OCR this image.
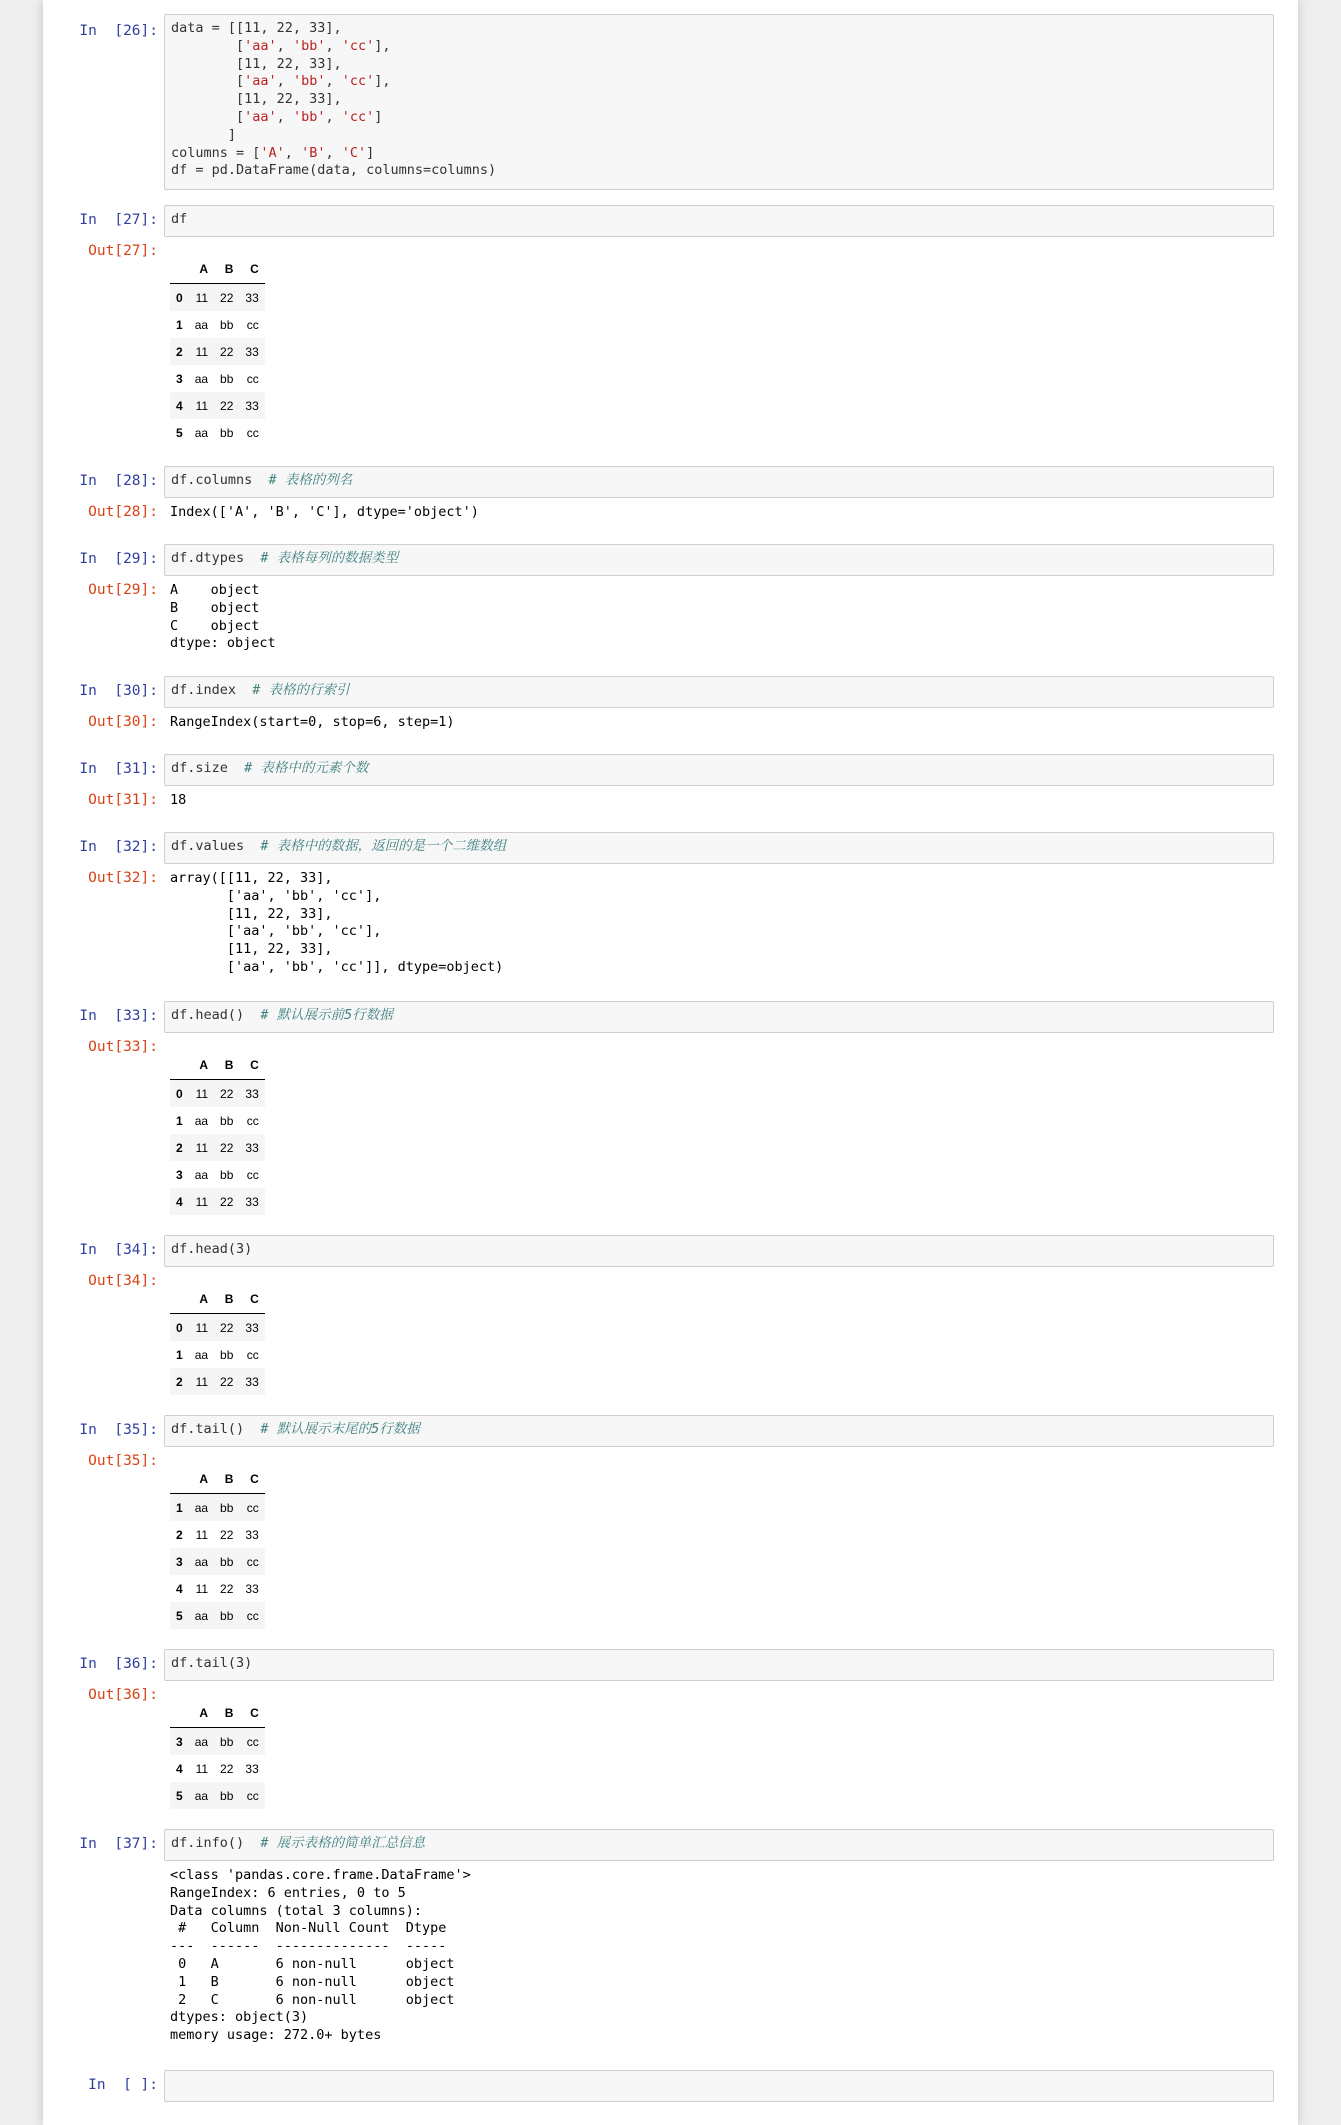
In  [26]: data = [[11, 22, 33],
['aa', 'bb', 'cc'],
[11, 22, 33],
['aa', 'bb', 'cc'],
[11, 22, 33],
['aa', 'bb', 'cc']
]
columns = ['A', 'B', 'C']
df = pd.DataFrame(data, columns=columns)
In  [27]: df
Out[27]:
	A	B	C
0	11	22	33
1	aa	bb	cc
2	11	22	33
3	aa	bb	cc
4	11	22	33
5	aa	bb	cc
In  [28]: df.columns # 表格的列名
Out[28]: Index(['A', 'B', 'C'], dtype='object')
In  [29]: df.dtypes # 表格每列的数据类型
Out[29]: A    object
B    object
C    object
dtype: object
In  [30]: df.index # 表格的行索引
Out[30]: RangeIndex(start=0, stop=6, step=1)
In  [31]: df.size # 表格中的元素个数
Out[31]: 18
In  [32]: df.values # 表格中的数据，返回的是一个二维数组
Out[32]: array([[11, 22, 33],
['aa', 'bb', 'cc'],
[11, 22, 33],
['aa', 'bb', 'cc'],
[11, 22, 33],
['aa', 'bb', 'cc']], dtype=object)
In  [33]: df.head() # 默认展示前5行数据
Out[33]:
	A	B	C
0	11	22	33
1	aa	bb	cc
2	11	22	33
3	aa	bb	cc
4	11	22	33
In  [34]: df.head(3)
Out[34]:
	A	B	C
0	11	22	33
1	aa	bb	cc
2	11	22	33
In  [35]: df.tail() # 默认展示末尾的5行数据
Out[35]:
	A	B	C
1	aa	bb	cc
2	11	22	33
3	aa	bb	cc
4	11	22	33
5	aa	bb	cc
In  [36]: df.tail(3)
Out[36]:
	A	B	C
3	aa	bb	cc
4	11	22	33
5	aa	bb	cc
In  [37]: df.info() # 展示表格的简单汇总信息
<class 'pandas.core.frame.DataFrame'>
RangeIndex: 6 entries, 0 to 5
Data columns (total 3 columns):
#   Column  Non-Null Count  Dtype
---  ------  --------------  -----
0   A       6 non-null      object
1   B       6 non-null      object
2   C       6 non-null      object
dtypes: object(3)
memory usage: 272.0+ bytes
In  [ ]:
